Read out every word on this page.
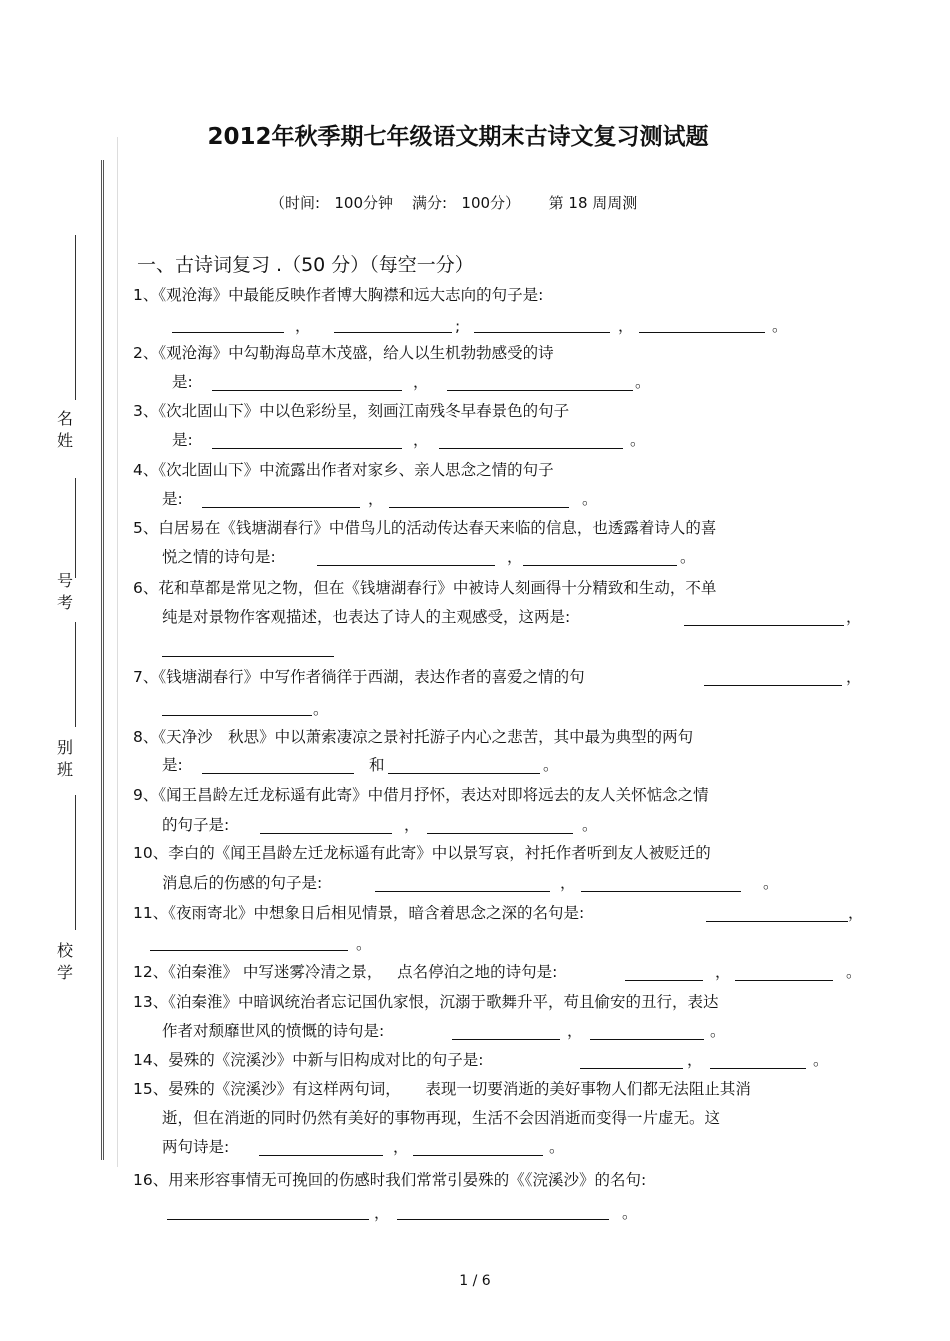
名
姓
号
考
别
班
校
学
2012年秋季期七年级语文期末古诗文复习测试题
（时间:   100分钟    满分:   100分）      第 18 周周测
一、古诗词复习 .（50 分）（每空一分）
1、《观沧海》中最能反映作者博大胸襟和远大志向的句子是:
，	;	，	。
2、《观沧海》中勾勒海岛草木茂盛，给人以生机勃勃感受的诗
是:	，	。
3、《次北固山下》中以色彩纷呈，刻画江南残冬早春景色的句子
是:	，	。
4、《次北固山下》中流露出作者对家乡、亲人思念之情的句子
是:	，	。
5、白居易在《钱塘湖春行》中借鸟儿的活动传达春天来临的信息，也透露着诗人的喜
悦之情的诗句是:	，	。
6、花和草都是常见之物，但在《钱塘湖春行》中被诗人刻画得十分精致和生动，不单
纯是对景物作客观描述，也表达了诗人的主观感受，这两是:	，
7、《钱塘湖春行》中写作者徜徉于西湖，表达作者的喜爱之情的句	，
。
8、《天净沙　秋思》中以萧索凄凉之景衬托游子内心之悲苦，其中最为典型的两句
是:	和	。
9、《闻王昌龄左迁龙标遥有此寄》中借月抒怀，表达对即将远去的友人关怀惦念之情
的句子是:	，	。
10、李白的《闻王昌龄左迁龙标遥有此寄》中以景写哀，衬托作者听到友人被贬迁的
消息后的伤感的句子是:	，	。
11、《夜雨寄北》中想象日后相见情景，暗含着思念之深的名句是:	，
。
12、《泊秦淮》 中写迷雾冷清之景，   点名停泊之地的诗句是:	，	。
13、《泊秦淮》中暗讽统治者忘记国仇家恨，沉溺于歌舞升平，苟且偷安的丑行，表达
作者对颓靡世风的愤慨的诗句是:	，	。
14、晏殊的《浣溪沙》中新与旧构成对比的句子是:	，	。
15、晏殊的《浣溪沙》有这样两句词，     表现一切要消逝的美好事物人们都无法阻止其消
逝，但在消逝的同时仍然有美好的事物再现，生活不会因消逝而变得一片虚无。这
两句诗是:	，	。
16、用来形容事情无可挽回的伤感时我们常常引晏殊的《《浣溪沙》的名句:
，	。
1 / 6
